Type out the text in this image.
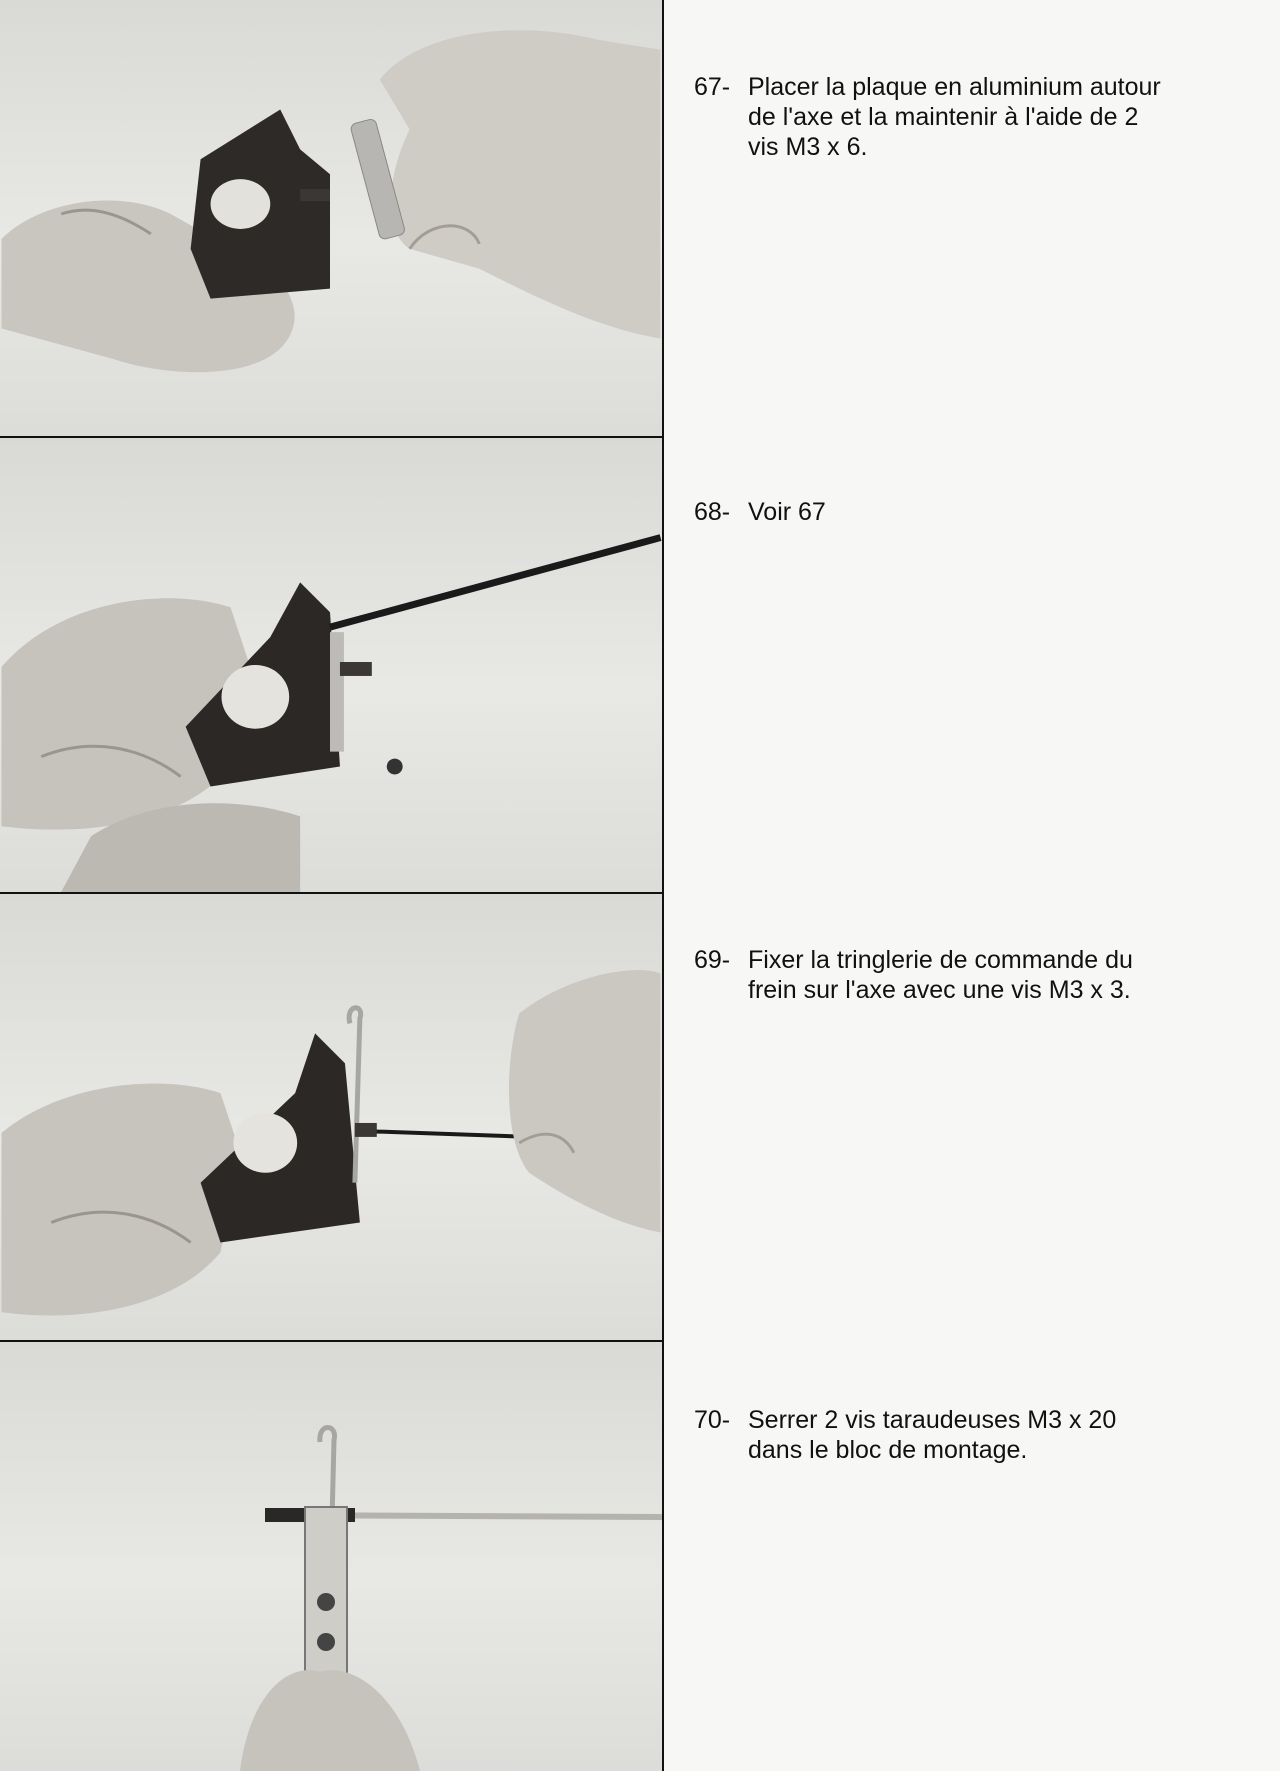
67- Placer la plaque en aluminium autour
de l'axe et la maintenir à l'aide de 2
vis M3 x 6.
68- Voir 67
69- Fixer la tringlerie de commande du
frein sur l'axe avec une vis M3 x 3.
70- Serrer 2 vis taraudeuses M3 x 20
dans le bloc de montage.
